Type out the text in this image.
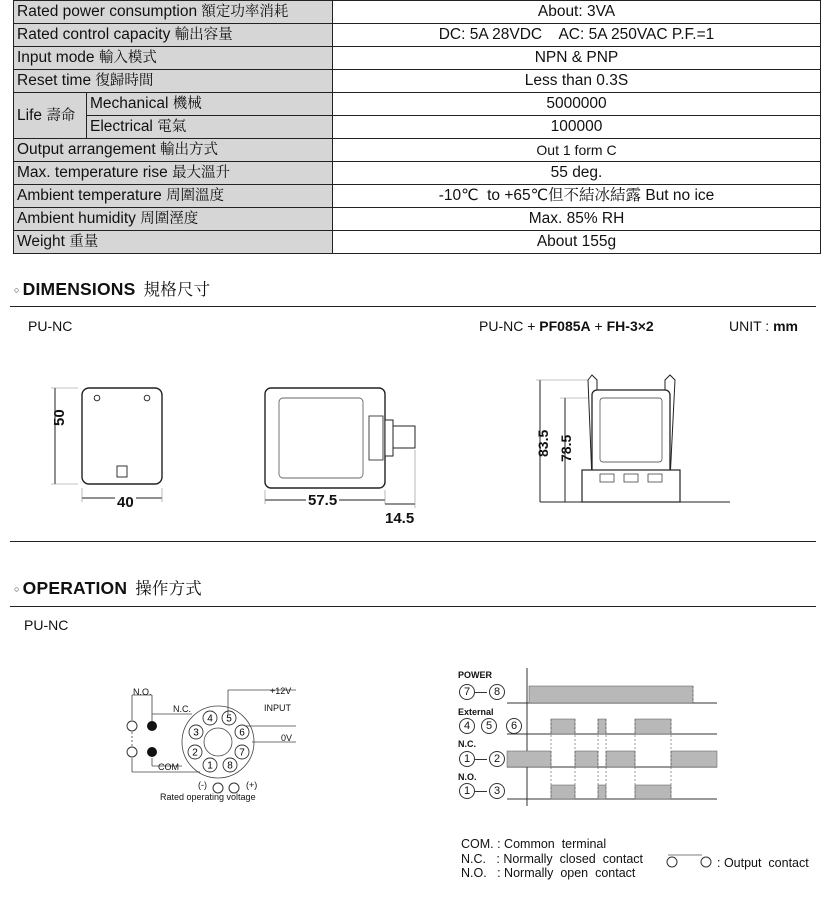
Rated power consumption 額定功率消耗		About: 3VA
Rated control capacity 輸出容量		DC: 5A 28VDC    AC: 5A 250VAC P.F.=1
Input mode 輸入模式		NPN & PNP
Reset time 復歸時間		Less than 0.3S
Life 壽命	Mechanical 機械	5000000
	Electrical 電氣	100000
Output arrangement 輸出方式		Out 1 form C
Max. temperature rise 最大溫升		55 deg.
Ambient temperature 周圍溫度		-10℃  to +65℃但不結冰結露 But no ice
Ambient humidity 周圍溼度		Max. 85% RH
Weight 重量		About 155g
○ DIMENSIONS 規格尺寸
PU-NC	PU-NC + PF085A + FH-3×2	UNIT : mm
50
40	57.5
14.5
83.5 78.5
○ OPERATION 操作方式
PU-NC
1
2
3
4 5
6
7
8
N.O.
N.C.
COM
+12V
INPUT
0V
(-)	(+)
Rated operating voltage
POWER
External
N.C.
N.O.
7	8
4	5	6
1	2
1	3
COM. : Common  terminal
N.C.   : Normally  closed  contact
N.O.   : Normally  open  contact
: Output  contact
